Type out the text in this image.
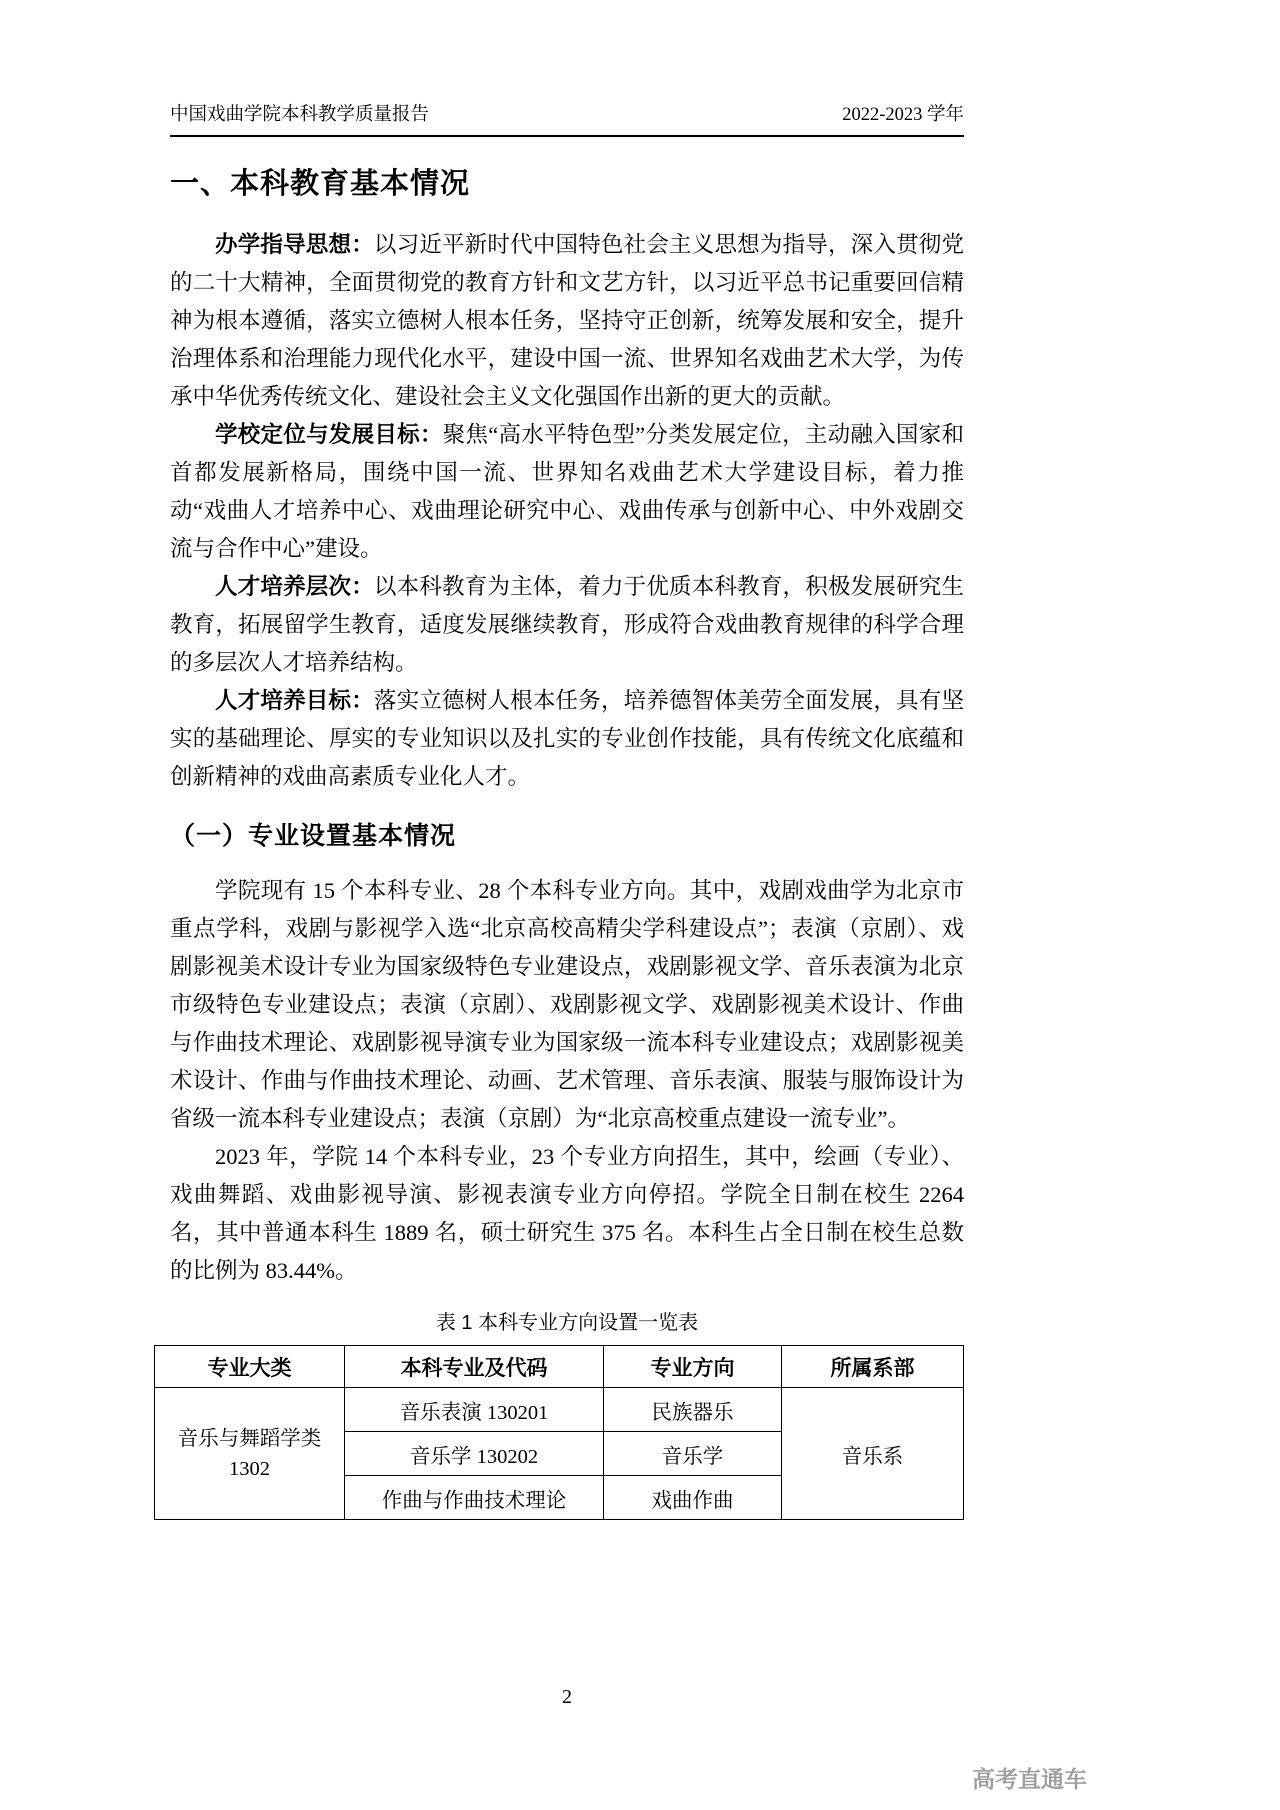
中国戏曲学院本科教学质量报告	2022-2023 学年
一、本科教育基本情况

办学指导思想：以习近平新时代中国特色社会主义思想为指导，深入贯彻党的二十大精神，全面贯彻党的教育方针和文艺方针，以习近平总书记重要回信精神为根本遵循，落实立德树人根本任务，坚持守正创新，统筹发展和安全，提升治理体系和治理能力现代化水平，建设中国一流、世界知名戏曲艺术大学，为传承中华优秀传统文化、建设社会主义文化强国作出新的更大的贡献。

学校定位与发展目标：聚焦“高水平特色型”分类发展定位，主动融入国家和首都发展新格局，围绕中国一流、世界知名戏曲艺术大学建设目标，着力推动“戏曲人才培养中心、戏曲理论研究中心、戏曲传承与创新中心、中外戏剧交流与合作中心”建设。

人才培养层次：以本科教育为主体，着力于优质本科教育，积极发展研究生教育，拓展留学生教育，适度发展继续教育，形成符合戏曲教育规律的科学合理的多层次人才培养结构。

人才培养目标：落实立德树人根本任务，培养德智体美劳全面发展，具有坚实的基础理论、厚实的专业知识以及扎实的专业创作技能，具有传统文化底蕴和创新精神的戏曲高素质专业化人才。

（一）专业设置基本情况

学院现有 15 个本科专业、28 个本科专业方向。其中，戏剧戏曲学为北京市重点学科，戏剧与影视学入选“北京高校高精尖学科建设点”；表演（京剧）、戏剧影视美术设计专业为国家级特色专业建设点，戏剧影视文学、音乐表演为北京市级特色专业建设点；表演（京剧）、戏剧影视文学、戏剧影视美术设计、作曲与作曲技术理论、戏剧影视导演专业为国家级一流本科专业建设点；戏剧影视美术设计、作曲与作曲技术理论、动画、艺术管理、音乐表演、服装与服饰设计为省级一流本科专业建设点；表演（京剧）为“北京高校重点建设一流专业”。

2023 年，学院 14 个本科专业，23 个专业方向招生，其中，绘画（专业）、戏曲舞蹈、戏曲影视导演、影视表演专业方向停招。学院全日制在校生 2264 名，其中普通本科生 1889 名，硕士研究生 375 名。本科生占全日制在校生总数的比例为 83.44%。

表 1 本科专业方向设置一览表
专业大类	本科专业及代码	专业方向	所属系部

音乐与舞蹈学类
1302	音乐表演 130201	民族器乐	音乐系
	音乐学 130202	音乐学	
	作曲与作曲技术理论	戏曲作曲	
2
高考直通车
